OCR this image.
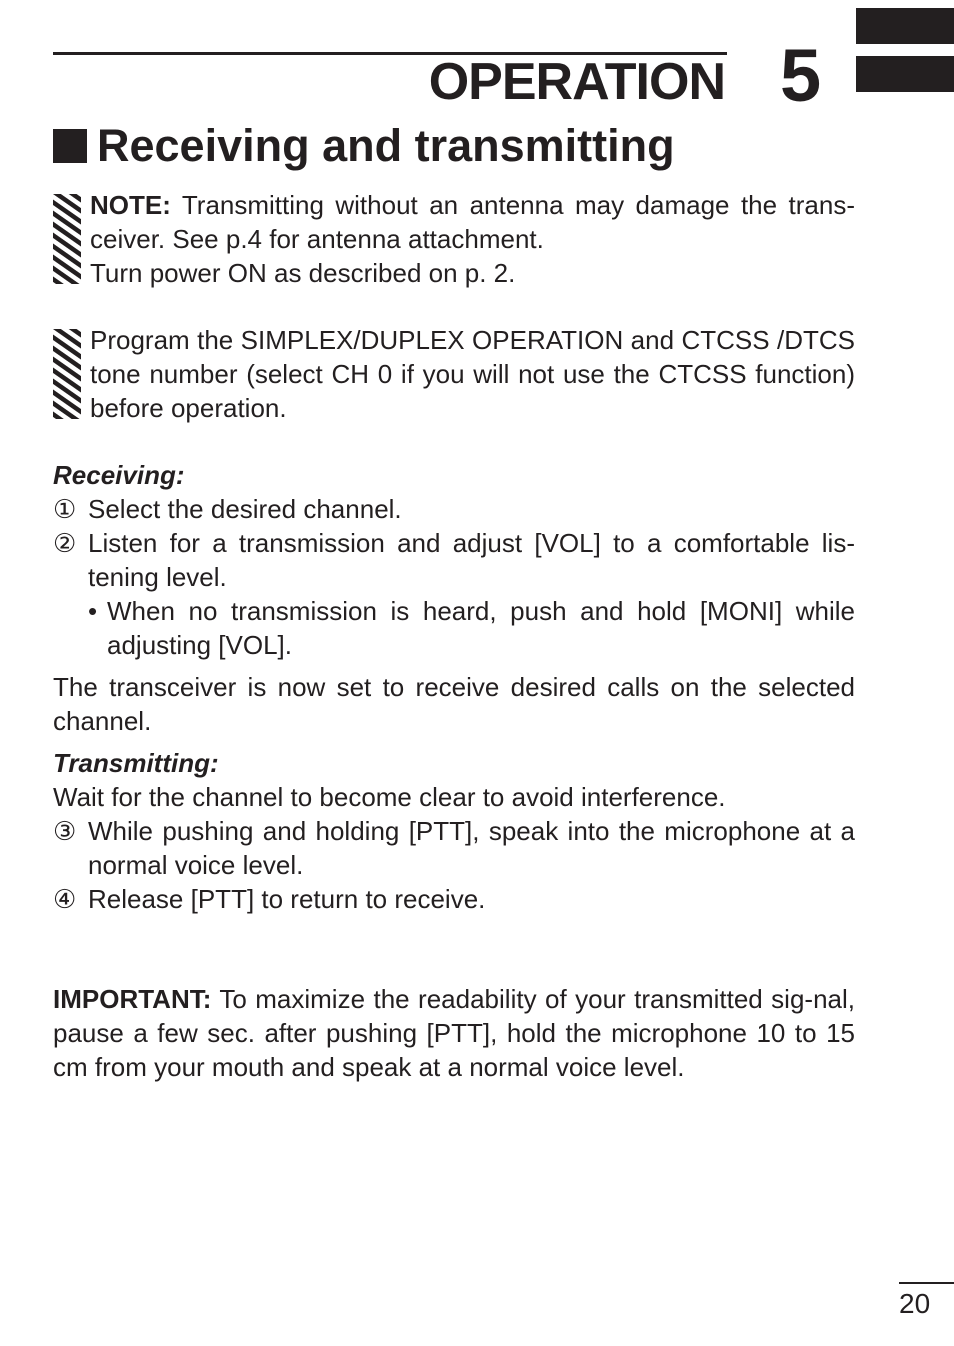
OPERATION 5
Receiving and transmitting
NOTE: Transmitting without an antenna may damage the trans-ceiver. See p.4 for antenna attachment.
Turn power ON as described on p. 2.
Program the SIMPLEX/DUPLEX OPERATION and CTCSS /DTCS tone number (select CH 0 if you will not use the CTCSS function) before operation.
Receiving:
① Select the desired channel.
② Listen for a transmission and adjust [VOL] to a comfortable lis-tening level.
• When no transmission is heard, push and hold [MONI] while adjusting [VOL].
The transceiver is now set to receive desired calls on the selected channel.
Transmitting:
Wait for the channel to become clear to avoid interference.
③ While pushing and holding [PTT], speak into the microphone at a normal voice level.
④ Release [PTT] to return to receive.
IMPORTANT: To maximize the readability of your transmitted sig-nal, pause a few sec. after pushing [PTT], hold the microphone 10 to 15 cm from your mouth and speak at a normal voice level.
20
